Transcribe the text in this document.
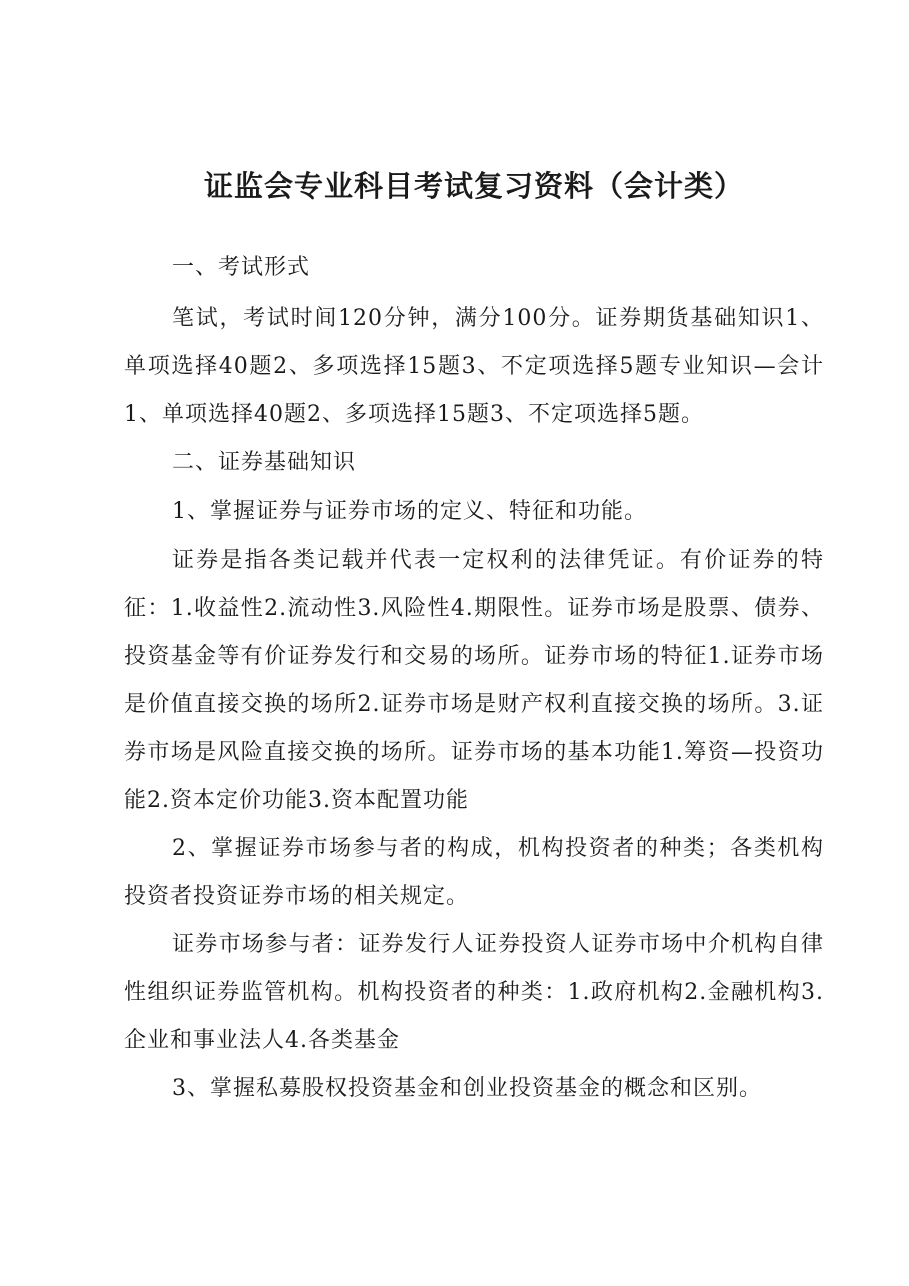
证监会专业科目考试复习资料（会计类）

一、考试形式

笔试，考试时间120分钟，满分100分。证券期货基础知识1、单项选择40题2、多项选择15题3、不定项选择5题专业知识—会计1、单项选择40题2、多项选择15题3、不定项选择5题。

二、证券基础知识

1、掌握证券与证券市场的定义、特征和功能。

证券是指各类记载并代表一定权利的法律凭证。有价证券的特征：1.收益性2.流动性3.风险性4.期限性。证券市场是股票、债券、投资基金等有价证券发行和交易的场所。证券市场的特征1.证券市场是价值直接交换的场所2.证券市场是财产权利直接交换的场所。3.证券市场是风险直接交换的场所。证券市场的基本功能1.筹资—投资功能2.资本定价功能3.资本配置功能

2、掌握证券市场参与者的构成，机构投资者的种类；各类机构投资者投资证券市场的相关规定。

证券市场参与者：证券发行人证券投资人证券市场中介机构自律性组织证券监管机构。机构投资者的种类：1.政府机构2.金融机构3.企业和事业法人4.各类基金

3、掌握私募股权投资基金和创业投资基金的概念和区别。
